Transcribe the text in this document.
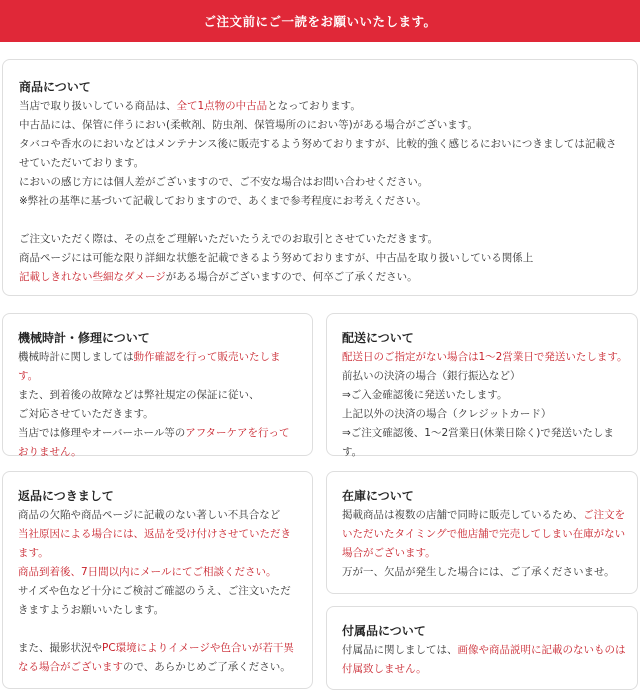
ご注文前にご一読をお願いいたします。
商品について

当店で取り扱いしている商品は、全て1点物の中古品となっております。

中古品には、保管に伴うにおい(柔軟剤、防虫剤、保管場所のにおい等)がある場合がございます。

タバコや香水のにおいなどはメンテナンス後に販売するよう努めておりますが、比較的強く感じるにおいにつきましては記載させていただいております。

においの感じ方には個人差がございますので、ご不安な場合はお問い合わせください。

※弊社の基準に基づいて記載しておりますので、あくまで参考程度にお考えください。

ご注文いただく際は、その点をご理解いただいたうえでのお取引とさせていただきます。

商品ページには可能な限り詳細な状態を記載できるよう努めておりますが、中古品を取り扱いしている関係上

記載しきれない些細なダメージがある場合がございますので、何卒ご了承ください。

機械時計・修理について

機械時計に関しましては動作確認を行って販売いたします。

また、到着後の故障などは弊社規定の保証に従い、

ご対応させていただきます。

当店では修理やオーバーホール等のアフターケアを行っておりません。

配送について

配送日のご指定がない場合は1〜2営業日で発送いたします。

前払いの決済の場合（銀行振込など）

⇒ご入金確認後に発送いたします。

上記以外の決済の場合（クレジットカード）

⇒ご注文確認後、1〜2営業日(休業日除く)で発送いたします。

返品につきまして

商品の欠陥や商品ページに記載のない著しい不具合など

当社原因による場合には、返品を受け付けさせていただきます。

商品到着後、7日間以内にメールにてご相談ください。

サイズや色など十分にご検討ご確認のうえ、ご注文いただきますようお願いいたします。

また、撮影状況やPC環境によりイメージや色合いが若干異なる場合がございますので、あらかじめご了承ください。

在庫について

掲載商品は複数の店舗で同時に販売しているため、ご注文をいただいたタイミングで他店舗で完売してしまい在庫がない場合がございます。

万が一、欠品が発生した場合には、ご了承くださいませ。

付属品について

付属品に関しましては、画像や商品説明に記載のないものは付属致しません。
